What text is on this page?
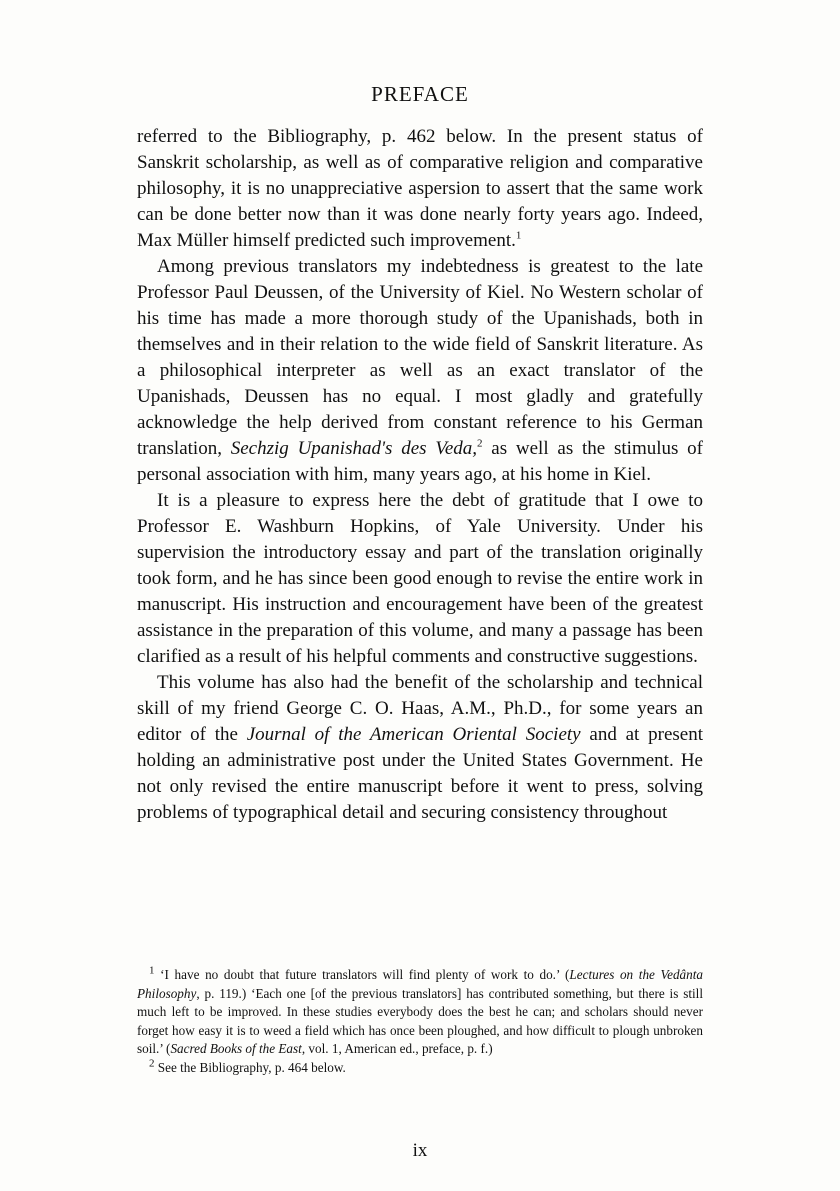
PREFACE

referred to the Bibliography, p. 462 below. In the present status of Sanskrit scholarship, as well as of comparative religion and comparative philosophy, it is no unappreciative aspersion to assert that the same work can be done better now than it was done nearly forty years ago. Indeed, Max Müller himself predicted such improvement.$^1$

Among previous translators my indebtedness is greatest to the late Professor Paul Deussen, of the University of Kiel. No Western scholar of his time has made a more thorough study of the Upanishads, both in themselves and in their relation to the wide field of Sanskrit literature. As a philosophical interpreter as well as an exact translator of the Upanishads, Deussen has no equal. I most gladly and gratefully acknowledge the help derived from constant reference to his German translation, Sechzig Upanishad's des Veda,$^2$ as well as the stimulus of personal association with him, many years ago, at his home in Kiel.

It is a pleasure to express here the debt of gratitude that I owe to Professor E. Washburn Hopkins, of Yale University. Under his supervision the introductory essay and part of the translation originally took form, and he has since been good enough to revise the entire work in manuscript. His instruction and encouragement have been of the greatest assistance in the preparation of this volume, and many a passage has been clarified as a result of his helpful comments and constructive suggestions.

This volume has also had the benefit of the scholarship and technical skill of my friend George C. O. Haas, A.M., Ph.D., for some years an editor of the Journal of the American Oriental Society and at present holding an administrative post under the United States Government. He not only revised the entire manuscript before it went to press, solving problems of typographical detail and securing consistency throughout

$^1$ ‘I have no doubt that future translators will find plenty of work to do.’ (Lectures on the Vedânta Philosophy, p. 119.) ‘Each one [of the previous translators] has contributed something, but there is still much left to be improved. In these studies everybody does the best he can; and scholars should never forget how easy it is to weed a field which has once been ploughed, and how difficult to plough unbroken soil.’ (Sacred Books of the East, vol. 1, American ed., preface, p. f.)

$^2$ See the Bibliography, p. 464 below.

ix
